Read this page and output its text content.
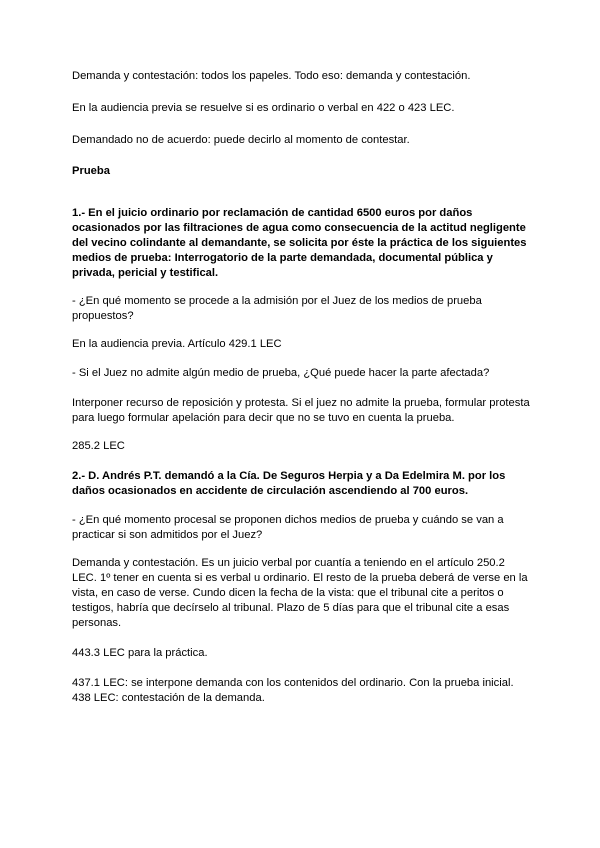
Demanda y contestación: todos los papeles. Todo eso: demanda y contestación.

En la audiencia previa se resuelve si es ordinario o verbal en 422 o 423 LEC.

Demandado no de acuerdo: puede decirlo al momento de contestar.

Prueba

1.- En el juicio ordinario por reclamación de cantidad 6500 euros por daños ocasionados por las filtraciones de agua como consecuencia de la actitud negligente del vecino colindante al demandante, se solicita por éste la práctica de los siguientes medios de prueba: Interrogatorio de la parte demandada, documental pública y privada, pericial y testifical.

- ¿En qué momento se procede a la admisión por el Juez de los medios de prueba propuestos?

En la audiencia previa. Artículo 429.1 LEC

- Si el Juez no admite algún medio de prueba, ¿Qué puede hacer la parte afectada?

Interponer recurso de reposición y protesta. Si el juez no admite la prueba, formular protesta para luego formular apelación para decir que no se tuvo en cuenta la prueba.

285.2 LEC

2.- D. Andrés P.T. demandó a la Cía. De Seguros Herpia y a Da Edelmira M. por los daños ocasionados en accidente de circulación ascendiendo al 700 euros.

- ¿En qué momento procesal se proponen dichos medios de prueba y cuándo se van a practicar si son admitidos por el Juez?

Demanda y contestación. Es un juicio verbal por cuantía a teniendo en el artículo 250.2 LEC. 1º tener en cuenta si es verbal u ordinario. El resto de la prueba deberá de verse en la vista, en caso de verse. Cundo dicen la fecha de la vista: que el tribunal cite a peritos o testigos, habría que decírselo al tribunal. Plazo de 5 días para que el tribunal cite a esas personas.

443.3 LEC para la práctica.

437.1 LEC: se interpone demanda con los contenidos del ordinario. Con la prueba inicial.

438 LEC: contestación de la demanda.
